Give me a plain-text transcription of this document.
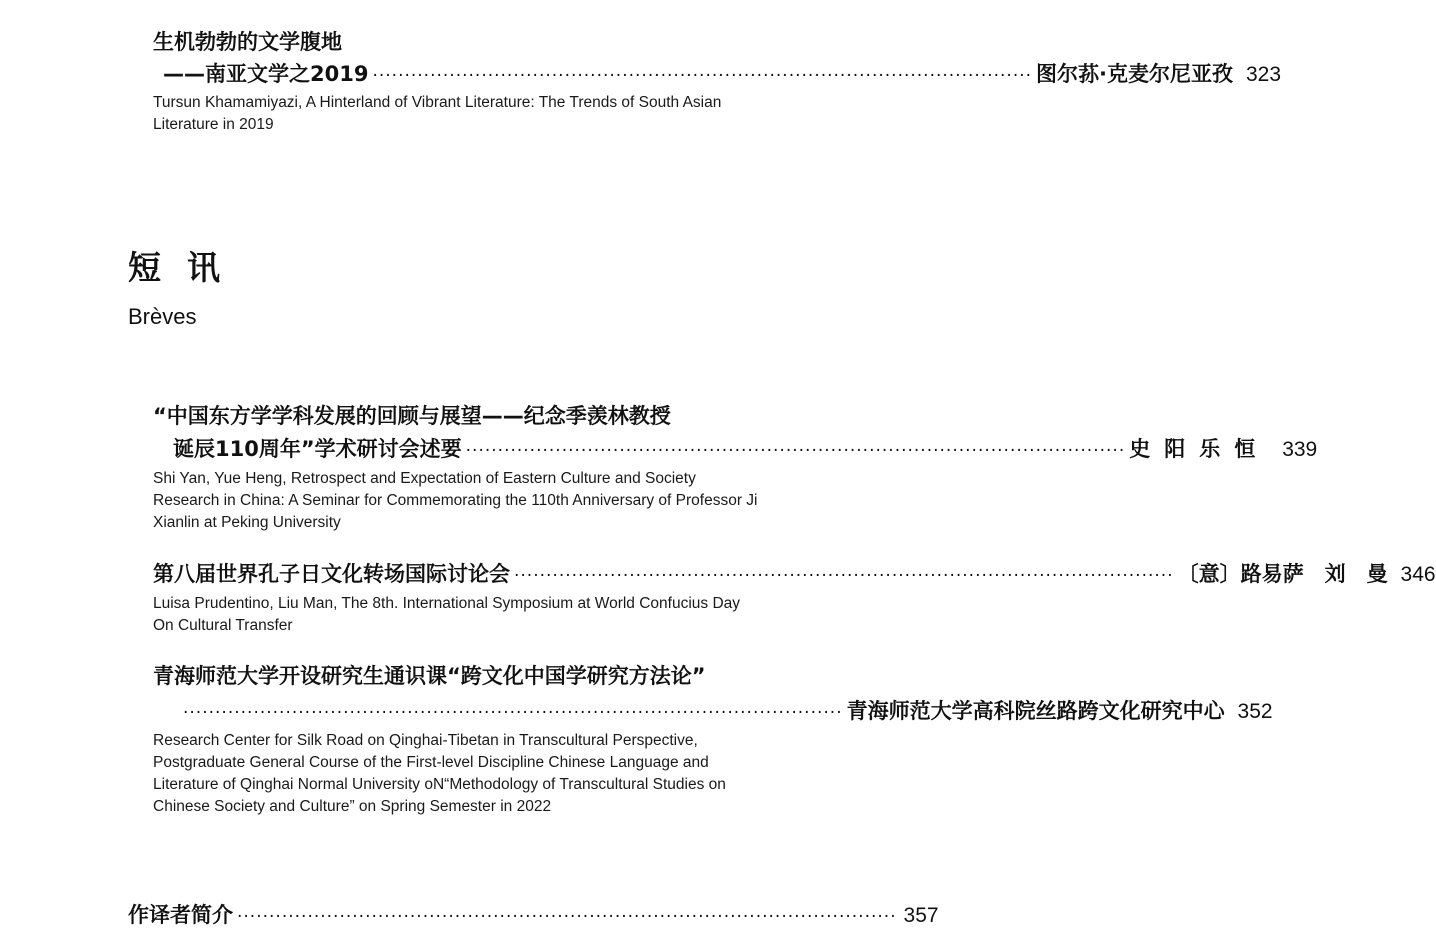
生机勃勃的文学腹地
——南亚文学之2019 ······································································································· 图尔荪·克麦尔尼亚孜 323
Tursun Khamamiyazi, A Hinterland of Vibrant Literature: The Trends of South Asian
Literature in 2019
短讯
Brèves
“中国东方学学科发展的回顾与展望——纪念季羡林教授
诞辰110周年”学术研讨会述要 ······································································································· 史阳乐恒 339
Shi Yan, Yue Heng, Retrospect and Expectation of Eastern Culture and Society
Research in China: A Seminar for Commemorating the 110th Anniversary of Professor Ji
Xianlin at Peking University
第八届世界孔子日文化转场国际讨论会 ······································································································· 〔意〕路易萨　刘　曼 346
Luisa Prudentino, Liu Man, The 8th. International Symposium at World Confucius Day
On Cultural Transfer
青海师范大学开设研究生通识课“跨文化中国学研究方法论”
······································································································· 青海师范大学高科院丝路跨文化研究中心 352
Research Center for Silk Road on Qinghai-Tibetan in Transcultural Perspective,
Postgraduate General Course of the First-level Discipline Chinese Language and
Literature of Qinghai Normal University oN“Methodology of Transcultural Studies on
Chinese Society and Culture” on Spring Semester in 2022
作译者简介 ······································································································· 357
